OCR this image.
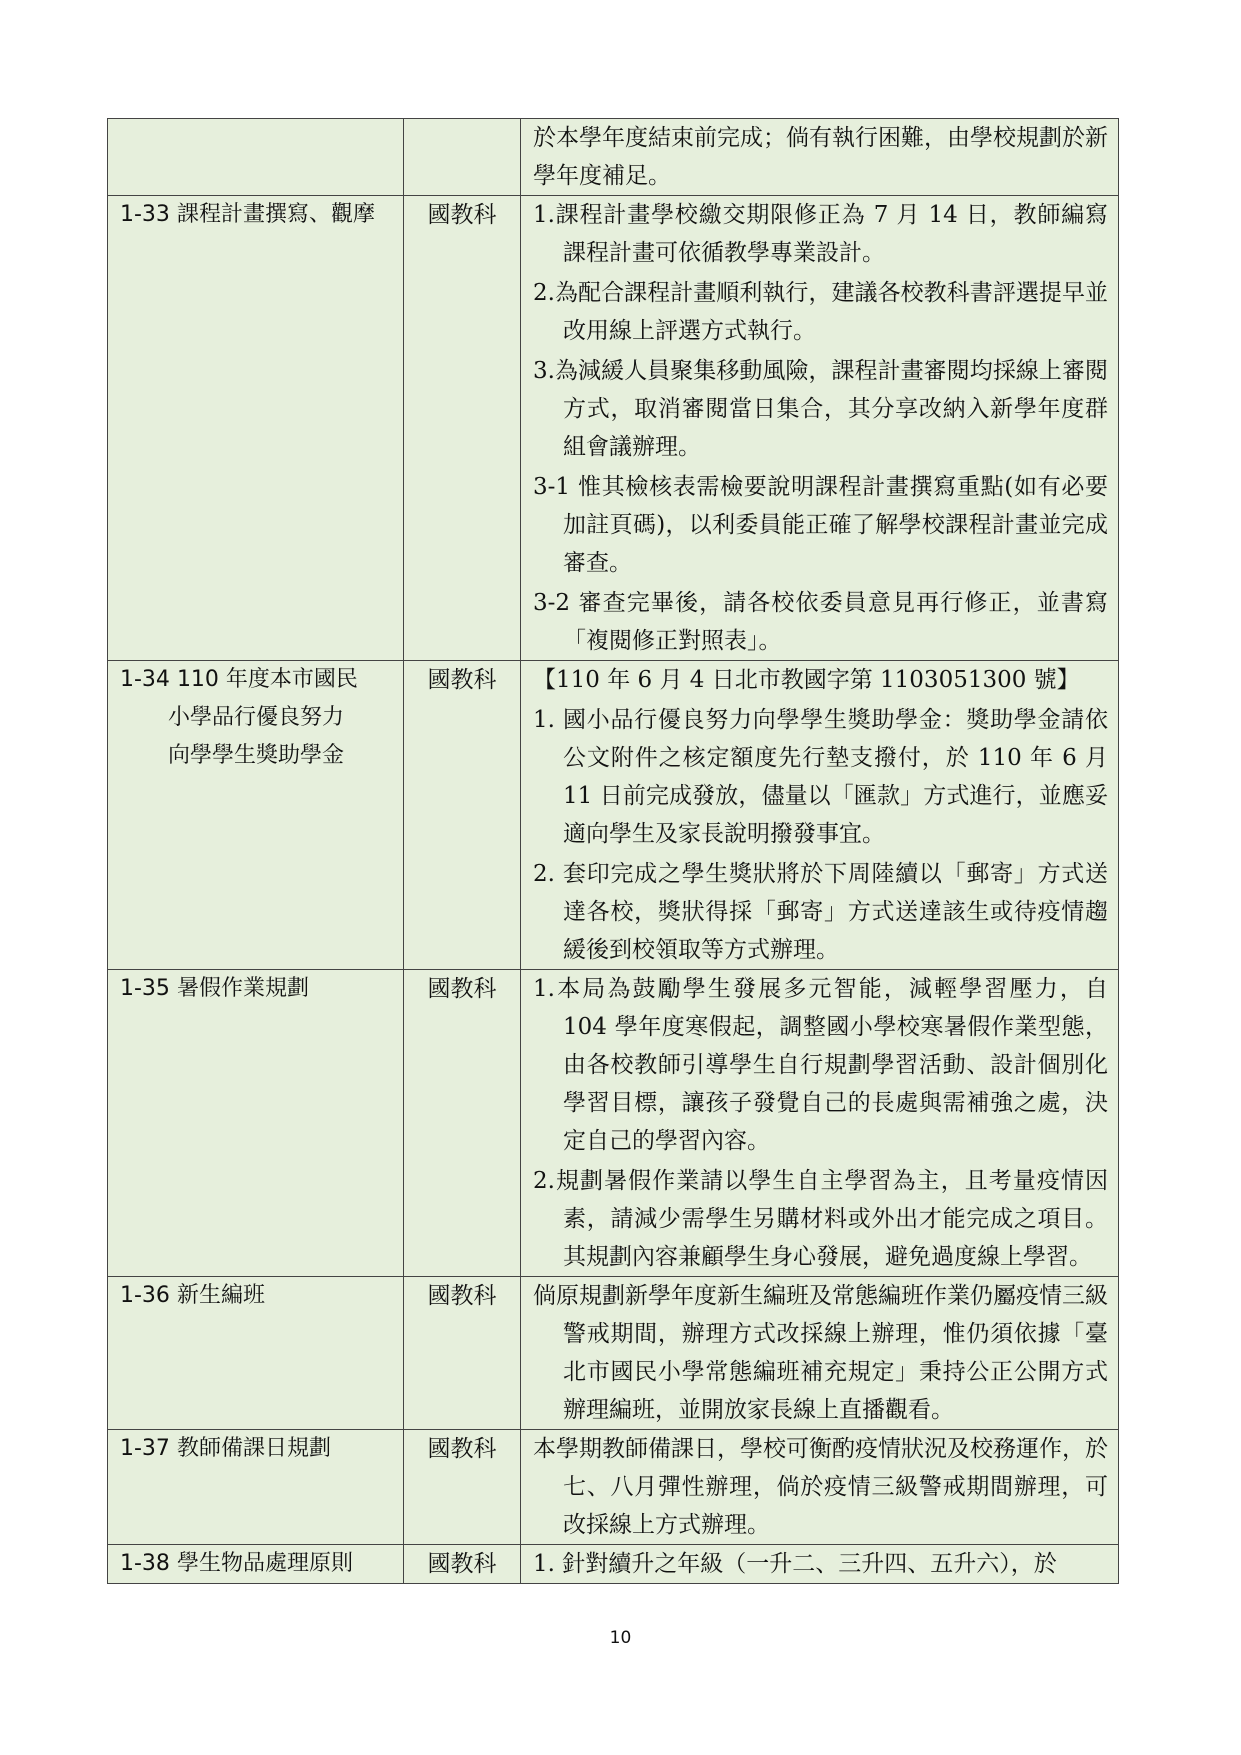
		於本學年度結束前完成；倘有執行困難，由學校規劃於新學年度補足。

1-33 課程計畫撰寫、觀摩	國教科	1.課程計畫學校繳交期限修正為 7 月 14 日，教師編寫課程計畫可依循教學專業設計。
2.為配合課程計畫順利執行，建議各校教科書評選提早並改用線上評選方式執行。
3.為減緩人員聚集移動風險，課程計畫審閱均採線上審閱方式，取消審閱當日集合，其分享改納入新學年度群組會議辦理。
3-1 惟其檢核表需檢要說明課程計畫撰寫重點(如有必要加註頁碼)，以利委員能正確了解學校課程計畫並完成審查。
3-2 審查完畢後，請各校依委員意見再行修正，並書寫「複閱修正對照表」。

1-34 110 年度本市國民
小學品行優良努力
向學學生獎助學金	國教科	【110 年 6 月 4 日北市教國字第 1103051300 號】
1. 國小品行優良努力向學學生獎助學金：獎助學金請依公文附件之核定額度先行墊支撥付，於 110 年 6 月 11 日前完成發放，儘量以「匯款」方式進行，並應妥適向學生及家長說明撥發事宜。
2. 套印完成之學生獎狀將於下周陸續以「郵寄」方式送達各校，獎狀得採「郵寄」方式送達該生或待疫情趨緩後到校領取等方式辦理。

1-35 暑假作業規劃	國教科	1.本局為鼓勵學生發展多元智能，減輕學習壓力，自 104 學年度寒假起，調整國小學校寒暑假作業型態，由各校教師引導學生自行規劃學習活動、設計個別化學習目標，讓孩子發覺自己的長處與需補強之處，決定自己的學習內容。
2.規劃暑假作業請以學生自主學習為主，且考量疫情因素，請減少需學生另購材料或外出才能完成之項目。其規劃內容兼顧學生身心發展，避免過度線上學習。

1-36 新生編班	國教科	倘原規劃新學年度新生編班及常態編班作業仍屬疫情三級警戒期間，辦理方式改採線上辦理，惟仍須依據「臺北市國民小學常態編班補充規定」秉持公正公開方式辦理編班，並開放家長線上直播觀看。

1-37 教師備課日規劃	國教科	本學期教師備課日，學校可衡酌疫情狀況及校務運作，於七、八月彈性辦理，倘於疫情三級警戒期間辦理，可改採線上方式辦理。

1-38 學生物品處理原則	國教科	1. 針對續升之年級（一升二、三升四、五升六），於
10
